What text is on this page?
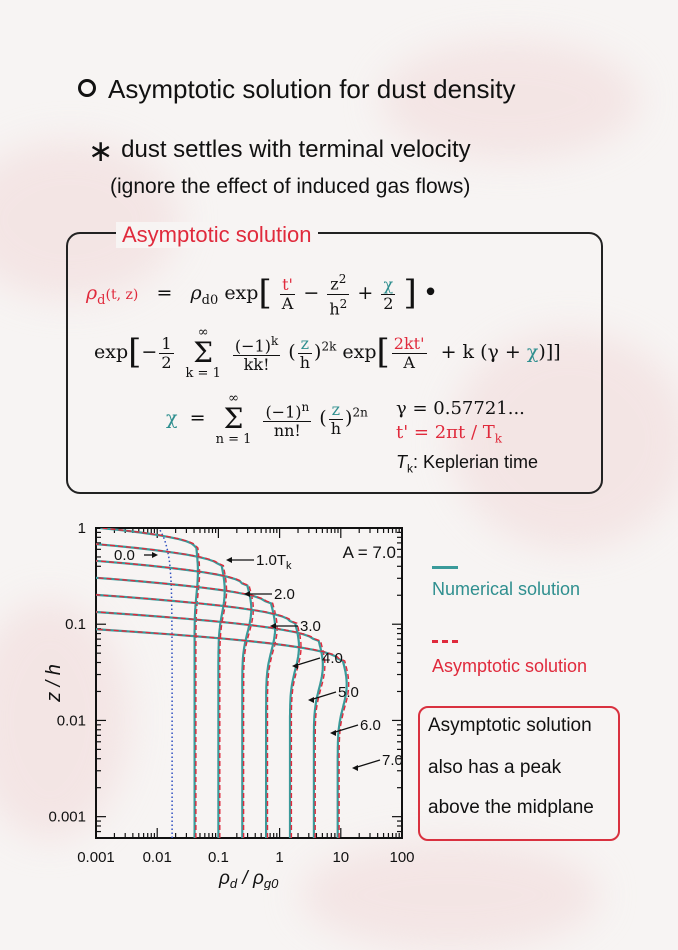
Asymptotic solution for dust density
∗ dust settles with terminal velocity
(ignore the effect of induced gas flows)
Asymptotic solution
$\rho_d(t$, $z) = \rho_{d0}$ $\exp[ \frac{t'}{A} - \frac{z^2}{h^2} + \frac{\chi}{2}$ ] •
$\exp[- \frac{1}{2}$
∞
Σ
$k = 1 \frac{(-1)^k}{kk!}$ ( $\frac{z}{h} )^{2k}$ $\exp[ \frac{2kt'}{A} + k$ (γ + χ)]]
χ = ∞
Σ
$n = 1 \frac{(-1)^n}{nn!}$ ( $\frac{z}{h} )^{2n}$ γ = 0.57721...
$t' = 2\pi t / T_k$
$T_k$: Keplerian time
0.001 0.01 0.1	1	10	100
1
0.1
0.01
0.001
$\rho_d / \rho_{g0}$
z / h
A = 7.0
0.0	$1.0T_k$
2.0
3.0
4.0
5.0
6.0
7.0
Numerical solution
Asymptotic solution
Asymptotic solution
also has a peak
above the midplane
